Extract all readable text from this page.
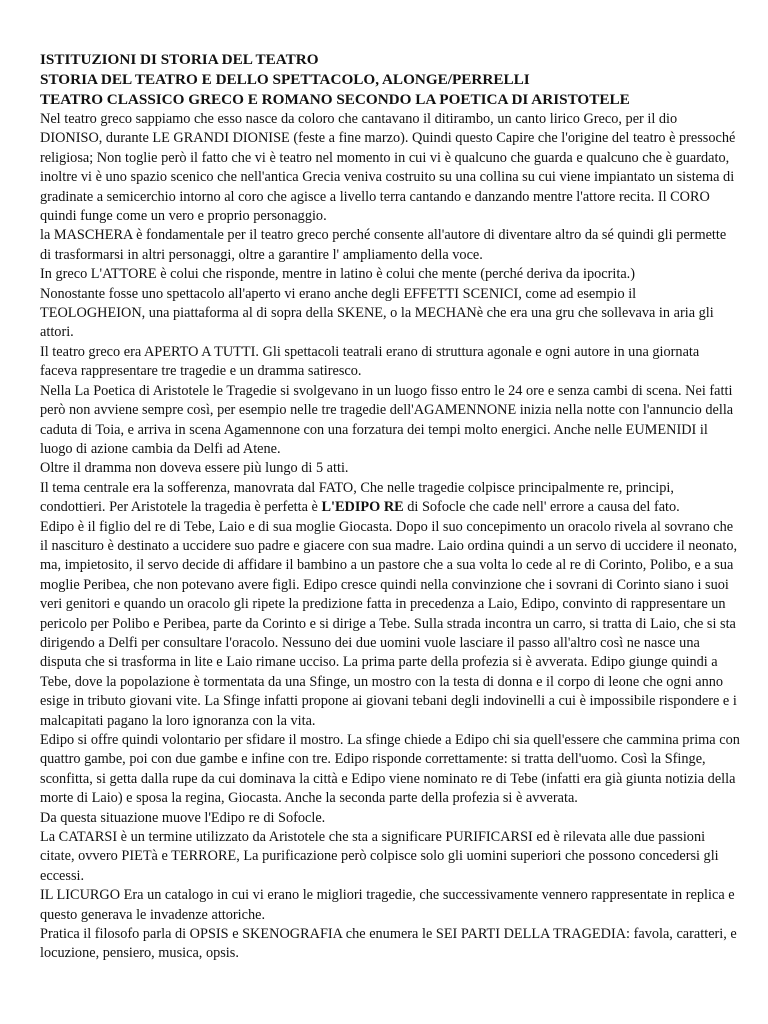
ISTITUZIONI DI STORIA DEL TEATRO
STORIA DEL TEATRO E DELLO SPETTACOLO, ALONGE/PERRELLI
TEATRO CLASSICO GRECO E ROMANO SECONDO LA POETICA DI ARISTOTELE

Nel teatro greco sappiamo che esso nasce da coloro che cantavano il ditirambo, un canto lirico Greco, per il dio DIONISO, durante LE GRANDI DIONISE (feste a fine marzo). Quindi questo Capire che l'origine del teatro è pressoché religiosa; Non toglie però il fatto che vi è teatro nel momento in cui vi è qualcuno che guarda e qualcuno che è guardato, inoltre vi è uno spazio scenico che nell'antica Grecia veniva costruito su una collina su cui viene impiantato un sistema di gradinate a semicerchio intorno al coro che agisce a livello terra cantando e danzando mentre l'attore recita. Il CORO quindi funge come un vero e proprio personaggio.

la MASCHERA è fondamentale per il teatro greco perché consente all'autore di diventare altro da sé quindi gli permette di trasformarsi in altri personaggi, oltre a garantire l' ampliamento della voce.

In greco L'ATTORE è colui che risponde, mentre in latino è colui che mente (perché deriva da ipocrita.)

Nonostante fosse uno spettacolo all'aperto vi erano anche degli EFFETTI SCENICI, come ad esempio il TEOLOGHEION, una piattaforma al di sopra della SKENE, o la MECHANè che era una gru che sollevava in aria gli attori.

Il teatro greco era APERTO A TUTTI. Gli spettacoli teatrali erano di struttura agonale e ogni autore in una giornata faceva rappresentare tre tragedie e un dramma satiresco.

Nella La Poetica di Aristotele le Tragedie si svolgevano in un luogo fisso entro le 24 ore e senza cambi di scena. Nei fatti però non avviene sempre così, per esempio nelle tre tragedie dell'AGAMENNONE inizia nella notte con l'annuncio della caduta di Toia, e arriva in scena Agamennone con una forzatura dei tempi molto energici. Anche nelle EUMENIDI il luogo di azione cambia da Delfi ad Atene.

Oltre il dramma non doveva essere più lungo di 5 atti.

Il tema centrale era la sofferenza, manovrata dal FATO, Che nelle tragedie colpisce principalmente re, principi, condottieri. Per Aristotele la tragedia è perfetta è L'EDIPO RE di Sofocle che cade nell' errore a causa del fato.

Edipo è il figlio del re di Tebe, Laio e di sua moglie Giocasta. Dopo il suo concepimento un oracolo rivela al sovrano che il nascituro è destinato a uccidere suo padre e giacere con sua madre. Laio ordina quindi a un servo di uccidere il neonato, ma, impietosito, il servo decide di affidare il bambino a un pastore che a sua volta lo cede al re di Corinto, Polibo, e a sua moglie Peribea, che non potevano avere figli. Edipo cresce quindi nella convinzione che i sovrani di Corinto siano i suoi veri genitori e quando un oracolo gli ripete la predizione fatta in precedenza a Laio, Edipo, convinto di rappresentare un pericolo per Polibo e Peribea, parte da Corinto e si dirige a Tebe. Sulla strada incontra un carro, si tratta di Laio, che si sta dirigendo a Delfi per consultare l'oracolo. Nessuno dei due uomini vuole lasciare il passo all'altro così ne nasce una disputa che si trasforma in lite e Laio rimane ucciso. La prima parte della profezia si è avverata. Edipo giunge quindi a Tebe, dove la popolazione è tormentata da una Sfinge, un mostro con la testa di donna e il corpo di leone che ogni anno esige in tributo giovani vite. La Sfinge infatti propone ai giovani tebani degli indovinelli a cui è impossibile rispondere e i malcapitati pagano la loro ignoranza con la vita.

Edipo si offre quindi volontario per sfidare il mostro. La sfinge chiede a Edipo chi sia quell'essere che cammina prima con quattro gambe, poi con due gambe e infine con tre. Edipo risponde correttamente: si tratta dell'uomo. Così la Sfinge, sconfitta, si getta dalla rupe da cui dominava la città e Edipo viene nominato re di Tebe (infatti era già giunta notizia della morte di Laio) e sposa la regina, Giocasta. Anche la seconda parte della profezia si è avverata.

Da questa situazione muove l'Edipo re di Sofocle.

La CATARSI è un termine utilizzato da Aristotele che sta a significare PURIFICARSI ed è rilevata alle due passioni citate, ovvero PIETà e TERRORE, La purificazione però colpisce solo gli uomini superiori che possono concedersi gli eccessi.

IL LICURGO Era un catalogo in cui vi erano le migliori tragedie, che successivamente vennero rappresentate in replica e questo generava le invadenze attoriche.

Pratica il filosofo parla di OPSIS e SKENOGRAFIA che enumera le SEI PARTI DELLA TRAGEDIA: favola, caratteri, e locuzione, pensiero, musica, opsis.
